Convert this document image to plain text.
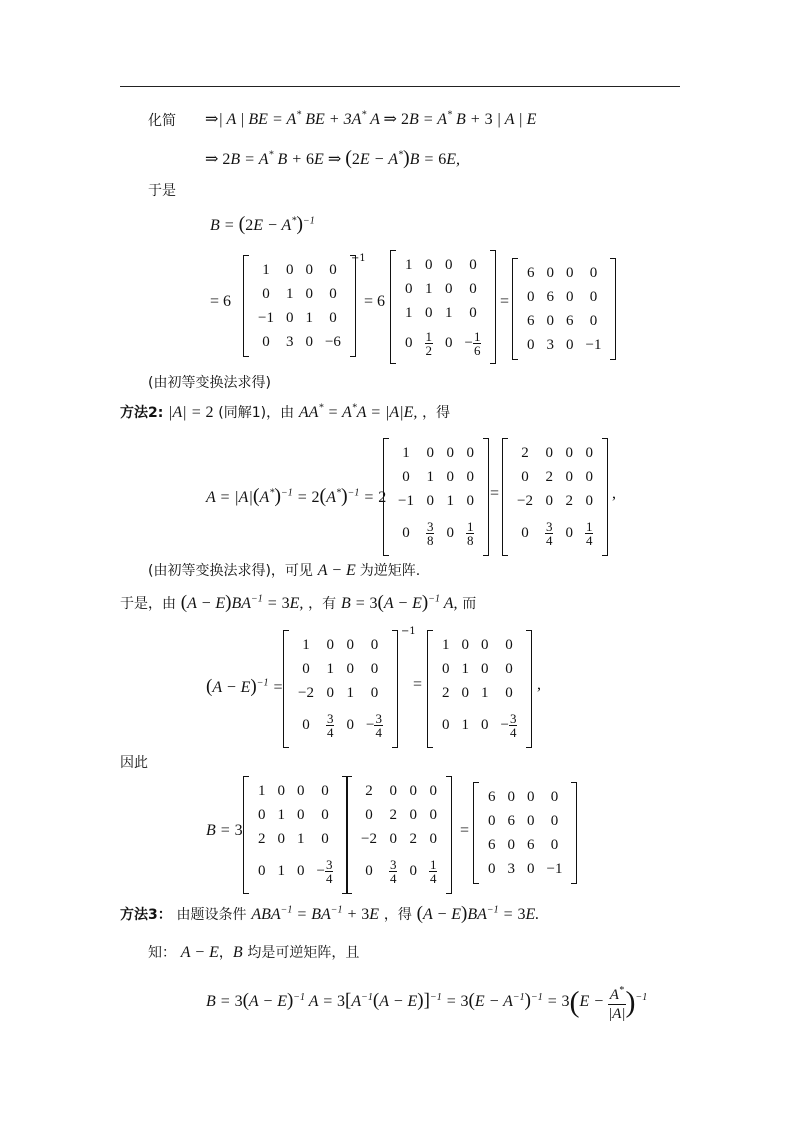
化简 ⇒| A | BE = A* BE + 3A* A ⇒ 2B = A* B + 3 | A | E
⇒ 2B = A* B + 6E ⇒ (2E − A*)B = 6E,
于是
$B = (2E - A^*)^{-1}$
= 6
1	0	0	0
0	1	0	0
−1	0	1	0
0	3	0	−6
−1
= 6
1	0	0	0
0	1	0	0
1	0	1	0
0	$\frac{1}{2}$	0	− $\frac{1}{6}$
=
6	0	0	0
0	6	0	0
6	0	6	0
0	3	0	−1
(由初等变换法求得)
方法2: |A| = 2 (同解1)，由 AA* = A*A = |A|E, ，得
$A = |A|(A^*)^{-1} = 2(A^*)^{-1} = 2$
1	0	0	0
0	1	0	0
−1	0	1	0
0	$\frac{3}{8}$	0	$\frac{1}{8}$
=
2	0	0	0
0	2	0	0
−2	0	2	0
0	$\frac{3}{4}$	0	$\frac{1}{4}$
,
(由初等变换法求得)，可见 A − E 为逆矩阵.
于是，由 $(A - E)BA^{-1} = 3E$, ，有 $B = 3(A - E)^{-1}$ A, 而
$(A - E)^{-1}$ =
1	0	0	0
0	1	0	0
−2	0	1	0
0	$\frac{3}{4}$	0	− $\frac{3}{4}$
−1
=
1	0	0	0
0	1	0	0
2	0	1	0
0	1	0	− $\frac{3}{4}$
,
因此
B = 3
1	0	0	0
0	1	0	0
2	0	1	0
0	1	0	− $\frac{3}{4}$
2	0	0	0
0	2	0	0
−2	0	2	0
0	$\frac{3}{4}$	0	$\frac{1}{4}$
=
6	0	0	0
0	6	0	0
6	0	6	0
0	3	0	−1
方法3： 由题设条件 $ABA^{-1} = BA^{-1} + 3E$ ，得 $(A - E)BA^{-1} = 3E$.
知： A − E，B 均是可逆矩阵，且
$B = 3(A - E)^{-1}$ $A = 3[A^{-1}(A - E)]^{-1} = 3(E - A^{-1})^{-1} = 3(E - \frac{A^*}{|A|} )^{-1}$
